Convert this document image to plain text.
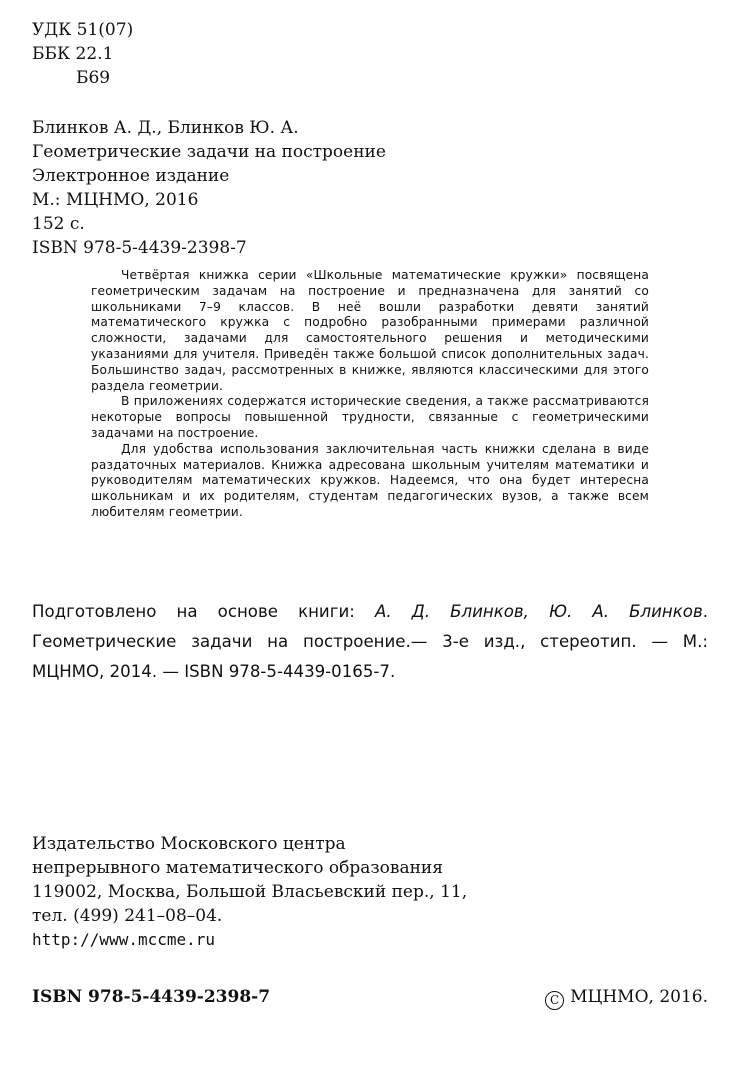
УДК 51(07)
ББК 22.1
Б69
Блинков А. Д., Блинков Ю. А.
Геометрические задачи на построение
Электронное издание
М.: МЦНМО, 2016
152 с.
ISBN 978-5-4439-2398-7

Четвёртая книжка серии «Школьные математические кружки» посвящена геометрическим задачам на построение и предназначена для занятий со школьниками 7–9 классов. В неё вошли разработки девяти занятий математического кружка с подробно разобранными примерами различной сложности, задачами для самостоятельного решения и методическими указаниями для учителя. Приведён также большой список дополнительных задач. Большинство задач, рассмотренных в книжке, являются классическими для этого раздела геометрии.

В приложениях содержатся исторические сведения, а также рассматриваются некоторые вопросы повышенной трудности, связанные с геометрическими задачами на построение.

Для удобства использования заключительная часть книжки сделана в виде раздаточных материалов. Книжка адресована школьным учителям математики и руководителям математических кружков. Надеемся, что она будет интересна школьникам и их родителям, студентам педагогических вузов, а также всем любителям геометрии.

Подготовлено на основе книги: А. Д. Блинков, Ю. А. Блинков. Геометрические задачи на построение.— 3-е изд., стереотип. — М.: МЦНМО, 2014. — ISBN 978-5-4439-0165-7.

Издательство Московского центра
непрерывного математического образования
119002, Москва, Большой Власьевский пер., 11,
тел. (499) 241–08–04.
http://www.mccme.ru
ISBN 978-5-4439-2398-7	C МЦНМО, 2016.
